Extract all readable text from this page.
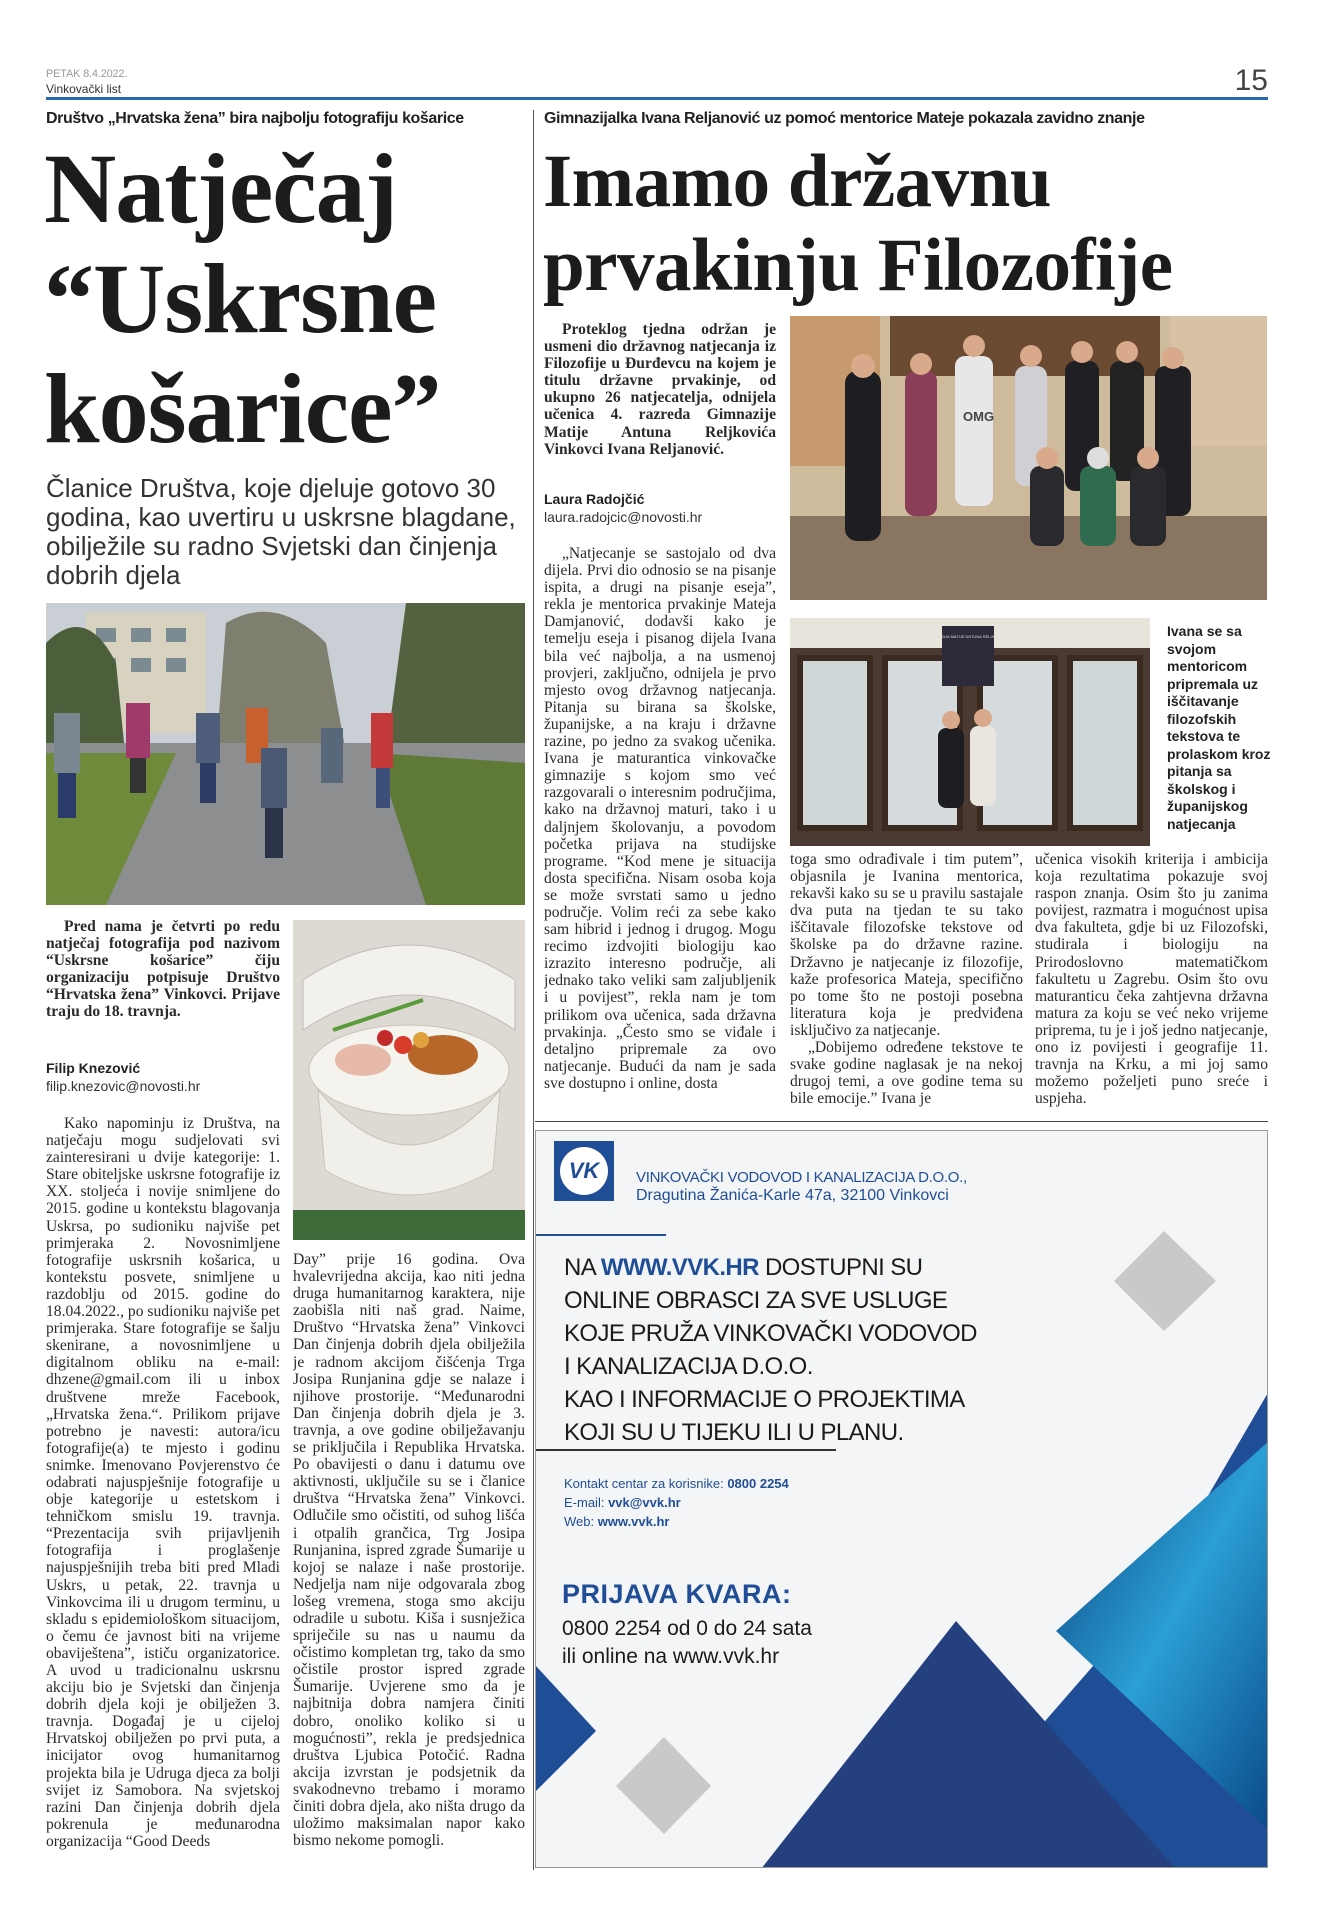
PETAK 8.4.2022.
Vinkovački list	15
Društvo „Hrvatska žena” bira najbolju fotografiju košarice
Natječaj
“Uskrsne
košarice”
Članice Društva, koje djeluje gotovo 30 godina, kao uvertiru u uskrsne blagdane, obilježile su radno Svjetski dan činjenja dobrih djela

Pred nama je četvrti po redu natječaj fotografija pod nazivom “Uskrsne košarice” čiju organizaciju potpisuje Društvo “Hrvatska žena” Vinkovci. Prijave traju do 18. travnja.

Filip Knezović
filip.knezovic@novosti.hr

Kako napominju iz Društva, na natječaju mogu sudjelovati svi zainteresirani u dvije kategorije: 1. Stare obiteljske uskrsne fotografije iz XX. stoljeća i novije snimljene do 2015. godine u kontekstu blagovanja Uskrsa, po sudioniku najviše pet primjeraka 2. Novosnimljene fotografije uskrsnih košarica, u kontekstu posvete, snimljene u razdoblju od 2015. godine do 18.04.2022., po sudioniku najviše pet primjeraka. Stare fotografije se šalju skenirane, a novosnimljene u digitalnom obliku na e-mail: dhzene@gmail.com ili u inbox društvene mreže Facebook, „Hrvatska žena.“. Prilikom prijave potrebno je navesti: autora/icu fotografije(a) te mjesto i godinu snimke. Imenovano Povjerenstvo će odabrati najuspješnije fotografije u obje kategorije u estetskom i tehničkom smislu 19. travnja. “Prezentacija svih prijavljenih fotografija i proglašenje najuspješnijih treba biti pred Mladi Uskrs, u petak, 22. travnja u Vinkovcima ili u drugom terminu, u skladu s epidemiološkom situacijom, o čemu će javnost biti na vrijeme obaviještena”, ističu organizatorice. A uvod u tradicionalnu uskrsnu akciju bio je Svjetski dan činjenja dobrih djela koji je obilježen 3. travnja. Događaj je u cijeloj Hrvatskoj obilježen po prvi puta, a inicijator ovog humanitarnog projekta bila je Udruga djeca za bolji svijet iz Samobora. Na svjetskoj razini Dan činjenja dobrih djela pokrenula je međunarodna organizacija “Good Deeds

Day” prije 16 godina. Ova hvalevrijedna akcija, kao niti jedna druga humanitarnog karaktera, nije zaobišla niti naš grad. Naime, Društvo “Hrvatska žena” Vinkovci Dan činjenja dobrih djela obilježila je radnom akcijom čišćenja Trga Josipa Runjanina gdje se nalaze i njihove prostorije. “Međunarodni Dan činjenja dobrih djela je 3. travnja, a ove godine obilježavanju se priključila i Republika Hrvatska. Po obavijesti o danu i datumu ove aktivnosti, uključile su se i članice društva “Hrvatska žena” Vinkovci. Odlučile smo očistiti, od suhog lišća i otpalih grančica, Trg Josipa Runjanina, ispred zgrade Šumarije u kojoj se nalaze i naše prostorije. Nedjelja nam nije odgovarala zbog lošeg vremena, stoga smo akciju odradile u subotu. Kiša i susnježica spriječile su nas u naumu da očistimo kompletan trg, tako da smo očistile prostor ispred zgrade Šumarije. Uvjerene smo da je najbitnija dobra namjera činiti dobro, onoliko koliko si u mogućnosti”, rekla je predsjednica društva Ljubica Potočić. Radna akcija izvrstan je podsjetnik da svakodnevno trebamo i moramo činiti dobra djela, ako ništa drugo da uložimo maksimalan napor kako bismo nekome pomogli.

Gimnazijalka Ivana Reljanović uz pomoć mentorice Mateje pokazala zavidno znanje
Imamo državnu
prvakinju Filozofije

Proteklog tjedna održan je usmeni dio državnog natjecanja iz Filozofije u Đurđevcu na kojem je titulu državne prvakinje, od ukupno 26 natjecatelja, odnijela učenica 4. razreda Gimnazije Matije Antuna Reljkovića Vinkovci Ivana Reljanović.

Laura Radojčić
laura.radojcic@novosti.hr
OMG
GIMNAZIJA MATIJE ANTUNA RELJKOVIĆA	Ivana se sa svojom mentoricom pripremala uz iščitavanje filozofskih tekstova te prolaskom kroz pitanja sa školskog i županijskog natjecanja

„Natjecanje se sastojalo od dva dijela. Prvi dio odnosio se na pisanje ispita, a drugi na pisanje eseja”, rekla je mentorica prvakinje Mateja Damjanović, dodavši kako je temelju eseja i pisanog dijela Ivana bila već najbolja, a na usmenoj provjeri, zaključno, odnijela je prvo mjesto ovog državnog natjecanja. Pitanja su birana sa školske, županijske, a na kraju i državne razine, po jedno za svakog učenika. Ivana je maturantica vinkovačke gimnazije s kojom smo već razgovarali o interesnim područjima, kako na državnoj maturi, tako i u daljnjem školovanju, a povodom početka prijava na studijske programe. “Kod mene je situacija dosta specifična. Nisam osoba koja se može svrstati samo u jedno područje. Volim reći za sebe kako sam hibrid i jednog i drugog. Mogu recimo izdvojiti biologiju kao izrazito interesno područje, ali jednako tako veliki sam zaljubljenik i u povijest”, rekla nam je tom prilikom ova učenica, sada državna prvakinja. „Često smo se viđale i detaljno pripremale za ovo natjecanje. Budući da nam je sada sve dostupno i online, dosta

toga smo odrađivale i tim putem”, objasnila je Ivanina mentorica, rekavši kako su se u pravilu sastajale dva puta na tjedan te su tako iščitavale filozofske tekstove od školske pa do državne razine. Državno je natjecanje iz filozofije, kaže profesorica Mateja, specifično po tome što ne postoji posebna literatura koja je predviđena isključivo za natjecanje.

„Dobijemo određene tekstove te svake godine naglasak je na nekoj drugoj temi, a ove godine tema su bile emocije.” Ivana je

učenica visokih kriterija i ambicija koja rezultatima pokazuje svoj raspon znanja. Osim što ju zanima povijest, razmatra i mogućnost upisa dva fakulteta, gdje bi uz Filozofski, studirala i biologiju na Prirodoslovno matematičkom fakultetu u Zagrebu. Osim što ovu maturanticu čeka zahtjevna državna matura za koju se već neko vrijeme priprema, tu je i još jedno natjecanje, ono iz povijesti i geografije 11. travnja na Krku, a mi joj samo možemo poželjeti puno sreće i uspjeha.

VK	VINKOVAČKI VODOVOD I KANALIZACIJA D.O.O.,
Dragutina Žanića-Karle 47a, 32100 Vinkovci
NA WWW.VVK.HR DOSTUPNI SU
ONLINE OBRASCI ZA SVE USLUGE
KOJE PRUŽA VINKOVAČKI VODOVOD
I KANALIZACIJA D.O.O.
KAO I INFORMACIJE O PROJEKTIMA
KOJI SU U TIJEKU ILI U PLANU.
Kontakt centar za korisnike: 0800 2254
E-mail: vvk@vvk.hr
Web: www.vvk.hr
PRIJAVA KVARA:
0800 2254 od 0 do 24 sata
ili online na www.vvk.hr
